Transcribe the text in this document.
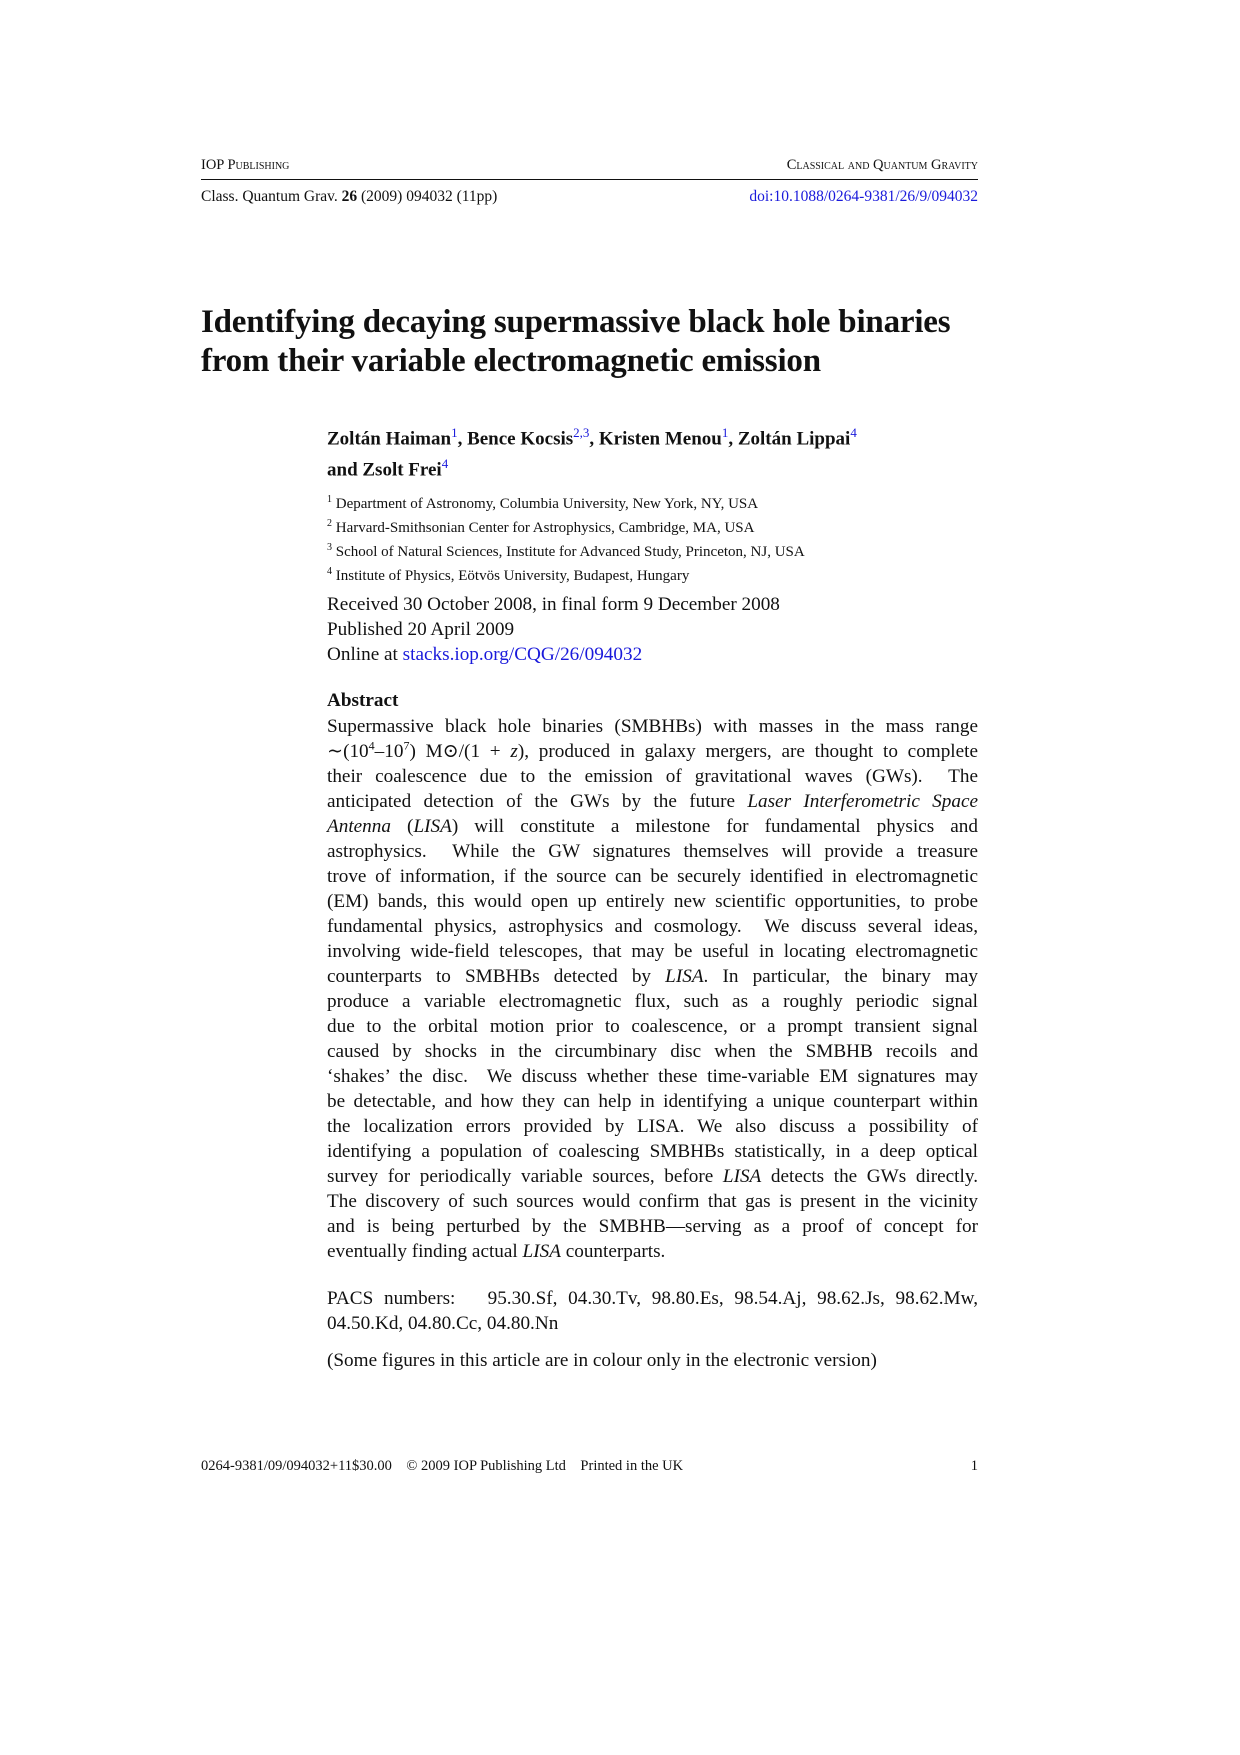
IOP Publishing	Classical and Quantum Gravity
Class. Quantum Grav. 26 (2009) 094032 (11pp)	doi:10.1088/0264-9381/26/9/094032
Identifying decaying supermassive black hole binaries
from their variable electromagnetic emission
Zoltán Haiman$^1$, Bence Kocsis$^{2,3}$, Kristen Menou$^1$, Zoltán Lippai$^4$
and Zsolt Frei$^4$
$^1$ Department of Astronomy, Columbia University, New York, NY, USA
$^2$ Harvard-Smithsonian Center for Astrophysics, Cambridge, MA, USA
$^3$ School of Natural Sciences, Institute for Advanced Study, Princeton, NJ, USA
$^4$ Institute of Physics, Eötvös University, Budapest, Hungary
Received 30 October 2008, in final form 9 December 2008
Published 20 April 2009
Online at stacks.iop.org/CQG/26/094032
Abstract
Supermassive black hole binaries (SMBHBs) with masses in the mass range
$\sim(10^4-10^7)$ M⊙/(1 + z), produced in galaxy mergers, are thought to complete
their coalescence due to the emission of gravitational waves (GWs).  The
anticipated detection of the GWs by the future Laser Interferometric Space
Antenna (LISA) will constitute a milestone for fundamental physics and
astrophysics.  While the GW signatures themselves will provide a treasure
trove of information, if the source can be securely identified in electromagnetic
(EM) bands, this would open up entirely new scientific opportunities, to probe
fundamental physics, astrophysics and cosmology.  We discuss several ideas,
involving wide-field telescopes, that may be useful in locating electromagnetic
counterparts to SMBHBs detected by LISA. In particular, the binary may
produce a variable electromagnetic flux, such as a roughly periodic signal
due to the orbital motion prior to coalescence, or a prompt transient signal
caused by shocks in the circumbinary disc when the SMBHB recoils and
‘shakes’ the disc.  We discuss whether these time-variable EM signatures may
be detectable, and how they can help in identifying a unique counterpart within
the localization errors provided by LISA. We also discuss a possibility of
identifying a population of coalescing SMBHBs statistically, in a deep optical
survey for periodically variable sources, before LISA detects the GWs directly.
The discovery of such sources would confirm that gas is present in the vicinity
and is being perturbed by the SMBHB—serving as a proof of concept for
eventually finding actual LISA counterparts.
PACS numbers:   95.30.Sf, 04.30.Tv, 98.80.Es, 98.54.Aj, 98.62.Js, 98.62.Mw,
04.50.Kd, 04.80.Cc, 04.80.Nn
(Some figures in this article are in colour only in the electronic version)
0264-9381/09/094032+11$30.00    © 2009 IOP Publishing Ltd    Printed in the UK	1
